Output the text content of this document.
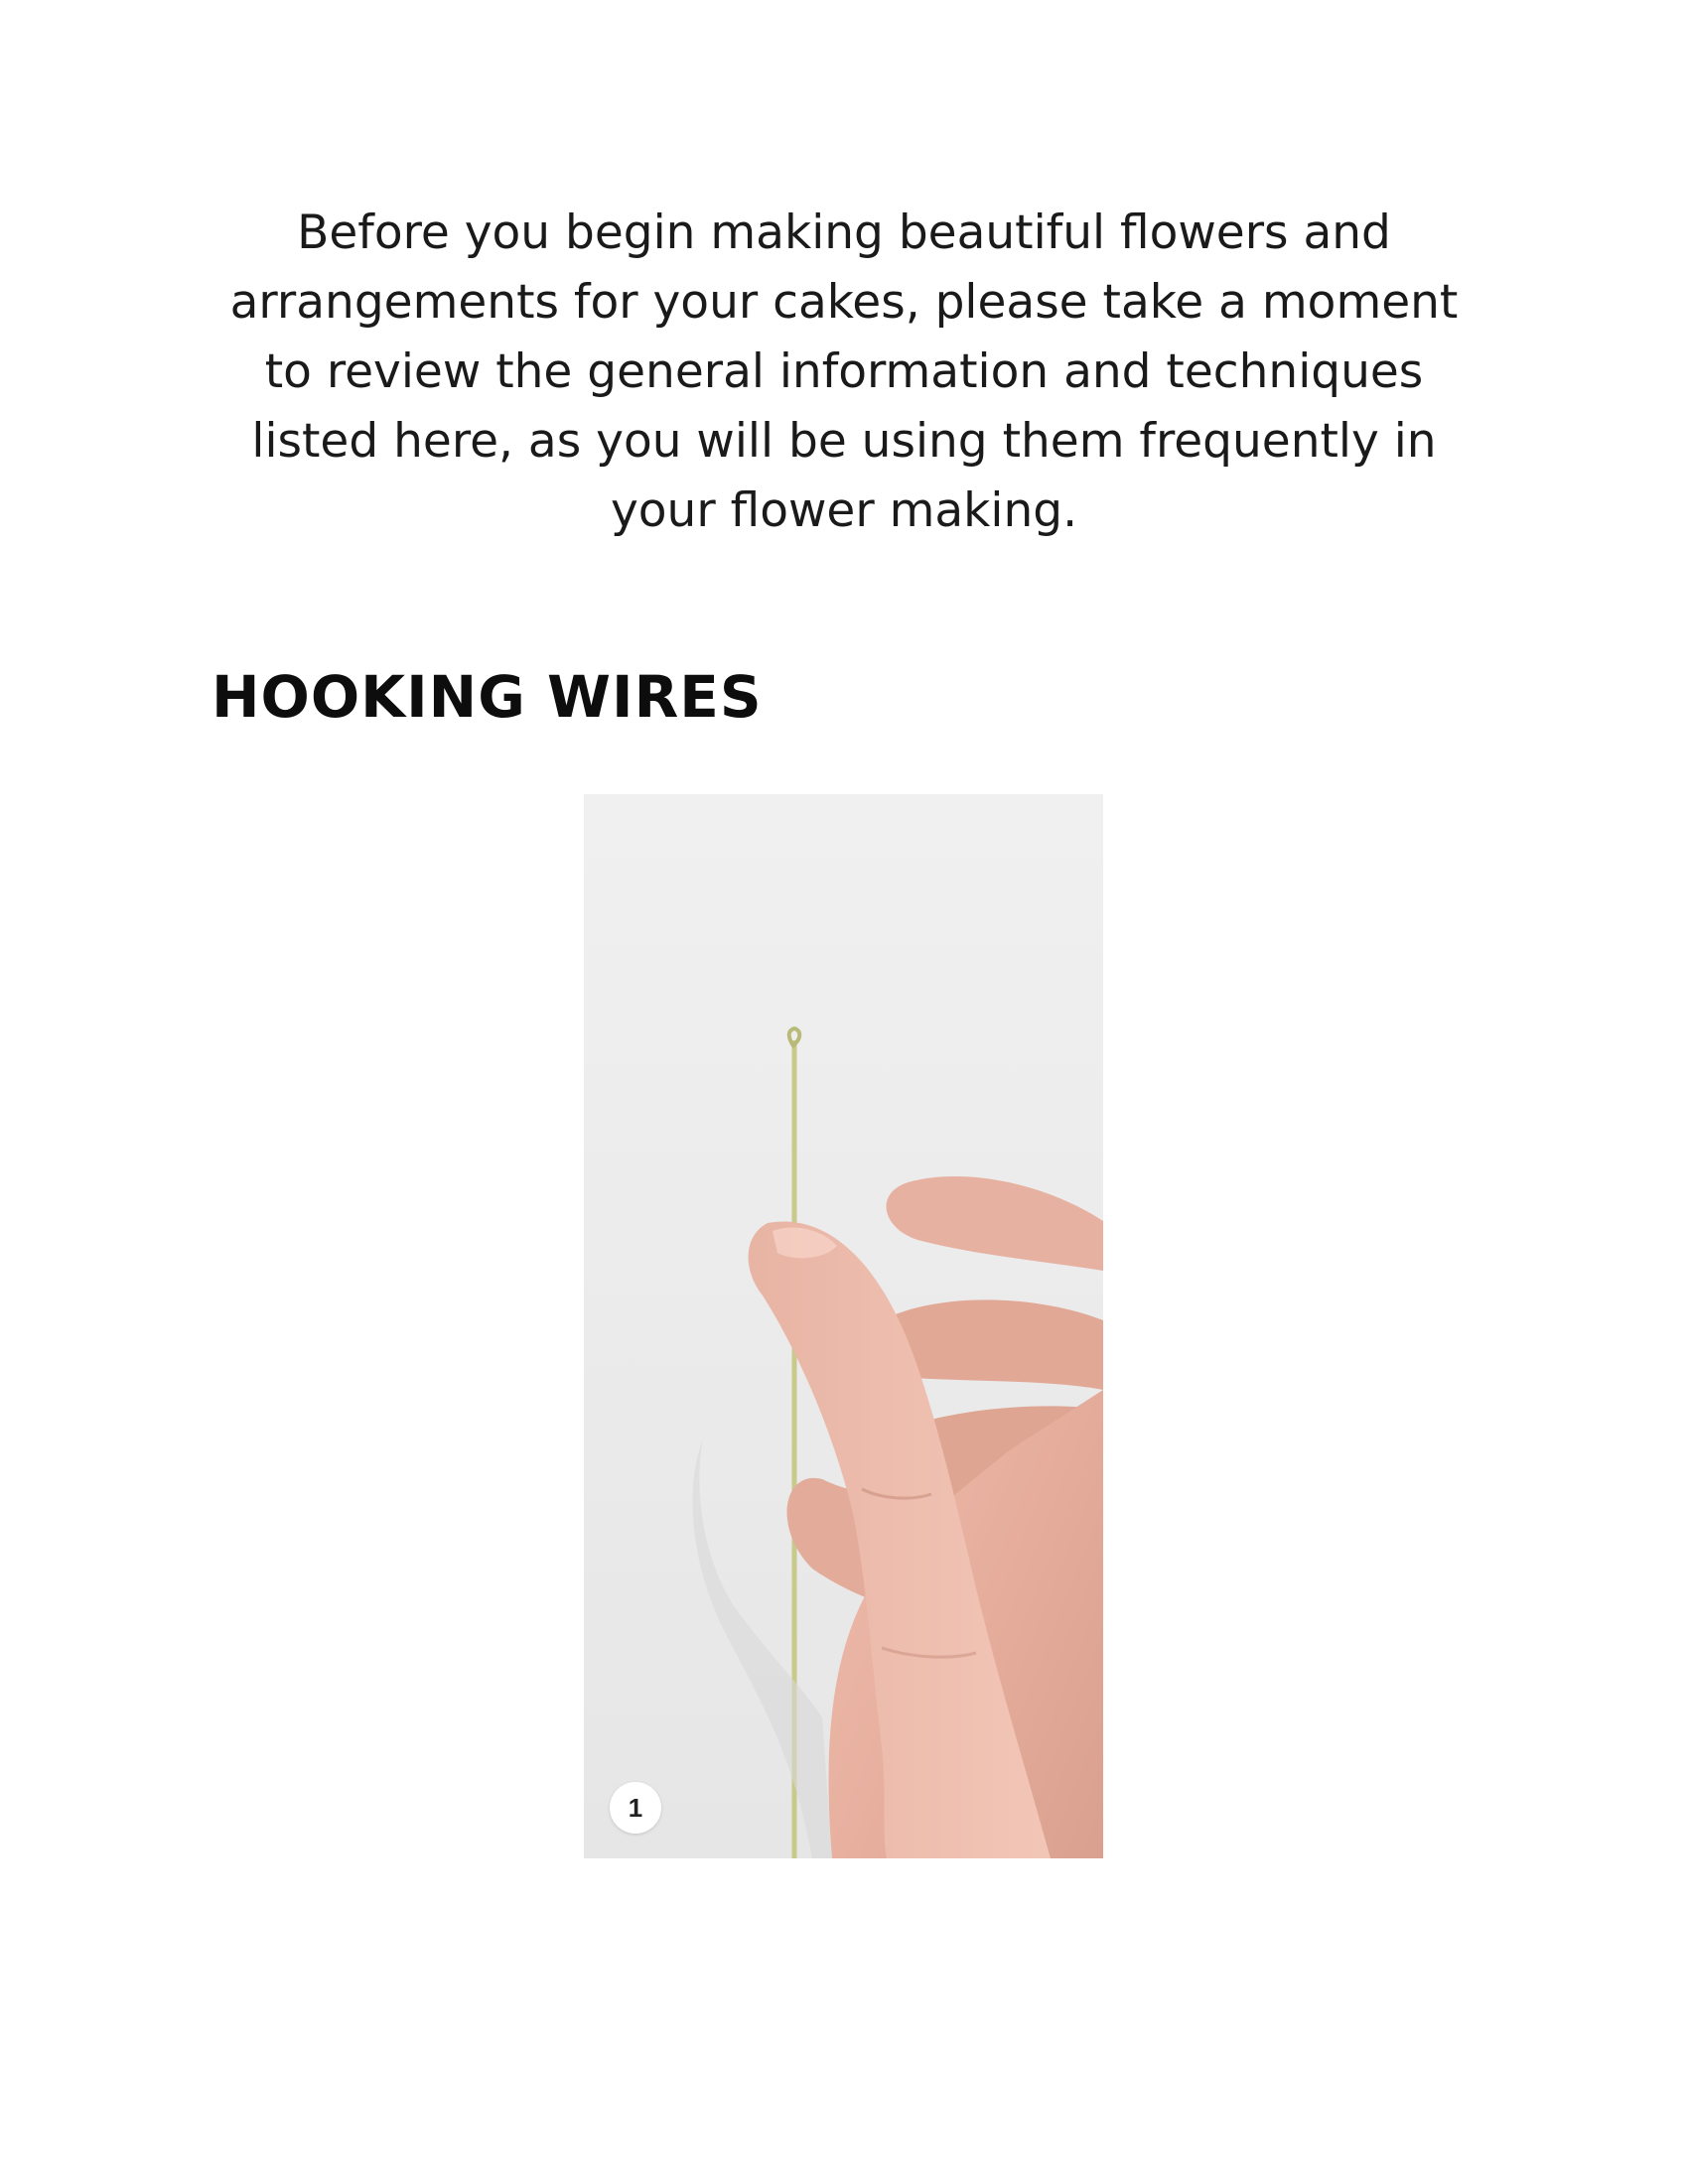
Before you begin making beautiful flowers and arrangements for your cakes, please take a moment to review the general information and techniques listed here, as you will be using them frequently in your flower making.

HOOKING WIRES
1
